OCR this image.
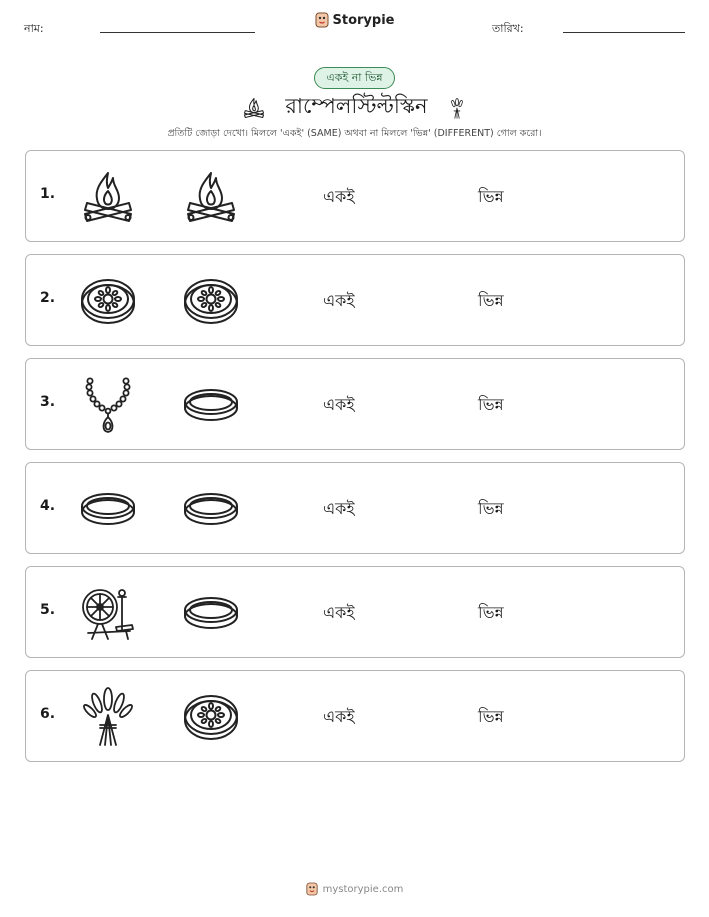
নাম:
Storypie
তারিখ:
একই না ভিন্ন
রাম্পেলস্টিল্টস্কিন
প্রতিটি জোড়া দেখো। মিললে 'একই' (SAME) অথবা না মিললে 'ভিন্ন' (DIFFERENT) গোল করো।
1.	একই	ভিন্ন
2.	একই	ভিন্ন
3.	একই	ভিন্ন
4.	একই	ভিন্ন
5.	একই	ভিন্ন
6.	একই	ভিন্ন
mystorypie.com
